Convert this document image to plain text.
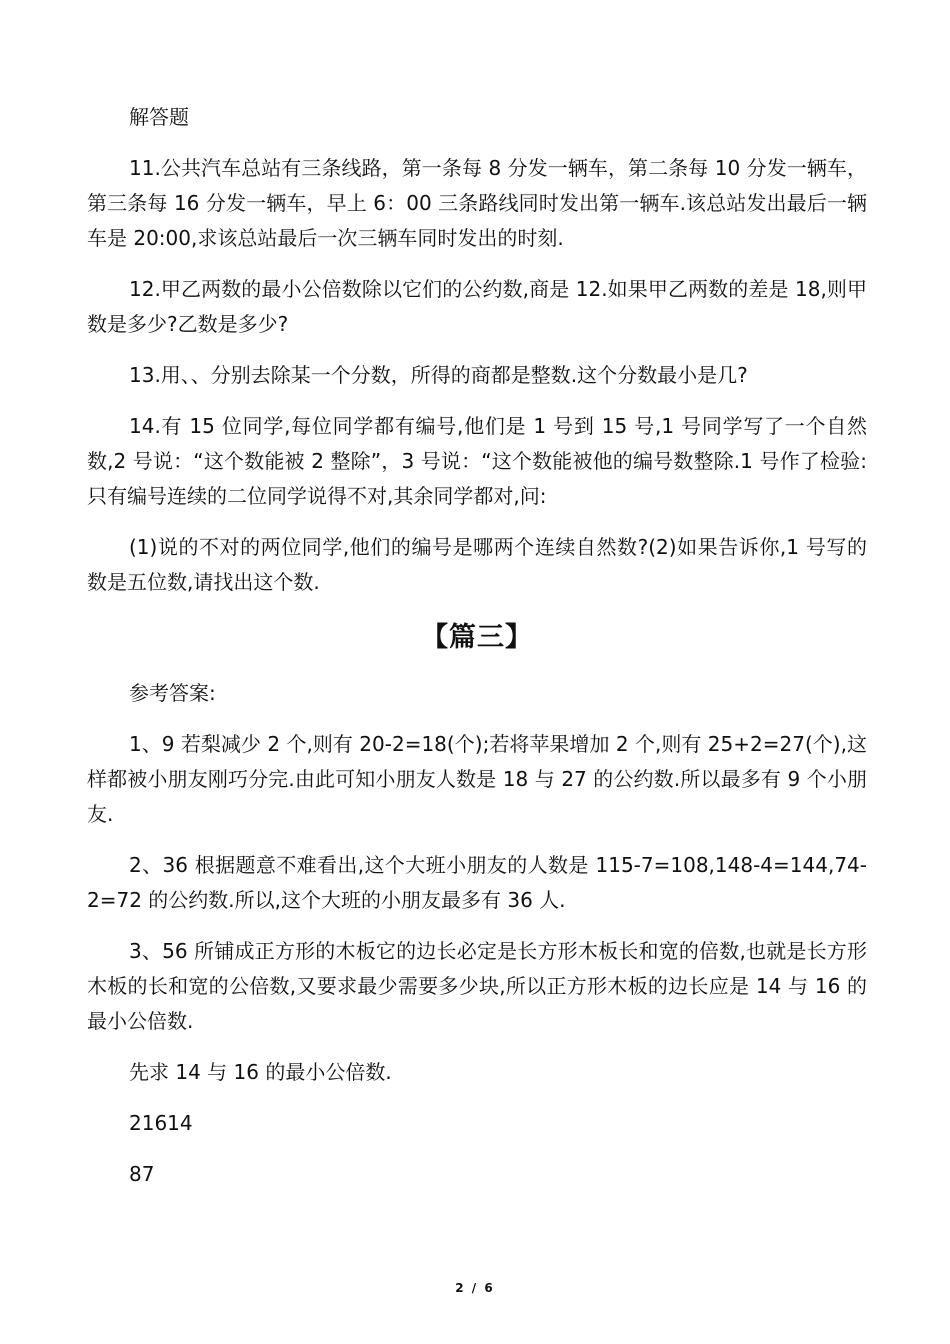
解答题

11.公共汽车总站有三条线路，第一条每 8 分发一辆车，第二条每 10 分发一辆车，第三条每 16 分发一辆车，早上 6：00 三条路线同时发出第一辆车.该总站发出最后一辆车是 20:00,求该总站最后一次三辆车同时发出的时刻.

12.甲乙两数的最小公倍数除以它们的公约数,商是 12.如果甲乙两数的差是 18,则甲数是多少?乙数是多少?

13.用、、分别去除某一个分数，所得的商都是整数.这个分数最小是几?

14.有 15 位同学,每位同学都有编号,他们是 1 号到 15 号,1 号同学写了一个自然数,2 号说：“这个数能被 2 整除”，3 号说：“这个数能被他的编号数整除.1 号作了检验:只有编号连续的二位同学说得不对,其余同学都对,问:

(1)说的不对的两位同学,他们的编号是哪两个连续自然数?(2)如果告诉你,1 号写的数是五位数,请找出这个数.

【篇三】

参考答案:

1、9 若梨减少 2 个,则有 20-2=18(个);若将苹果增加 2 个,则有 25+2=27(个),这样都被小朋友刚巧分完.由此可知小朋友人数是 18 与 27 的公约数.所以最多有 9 个小朋友.

2、36 根据题意不难看出,这个大班小朋友的人数是 115-7=108,148-4=144,74-2=72 的公约数.所以,这个大班的小朋友最多有 36 人.

3、56 所铺成正方形的木板它的边长必定是长方形木板长和宽的倍数,也就是长方形木板的长和宽的公倍数,又要求最少需要多少块,所以正方形木板的边长应是 14 与 16 的最小公倍数.

先求 14 与 16 的最小公倍数.

21614

87

2 / 6
